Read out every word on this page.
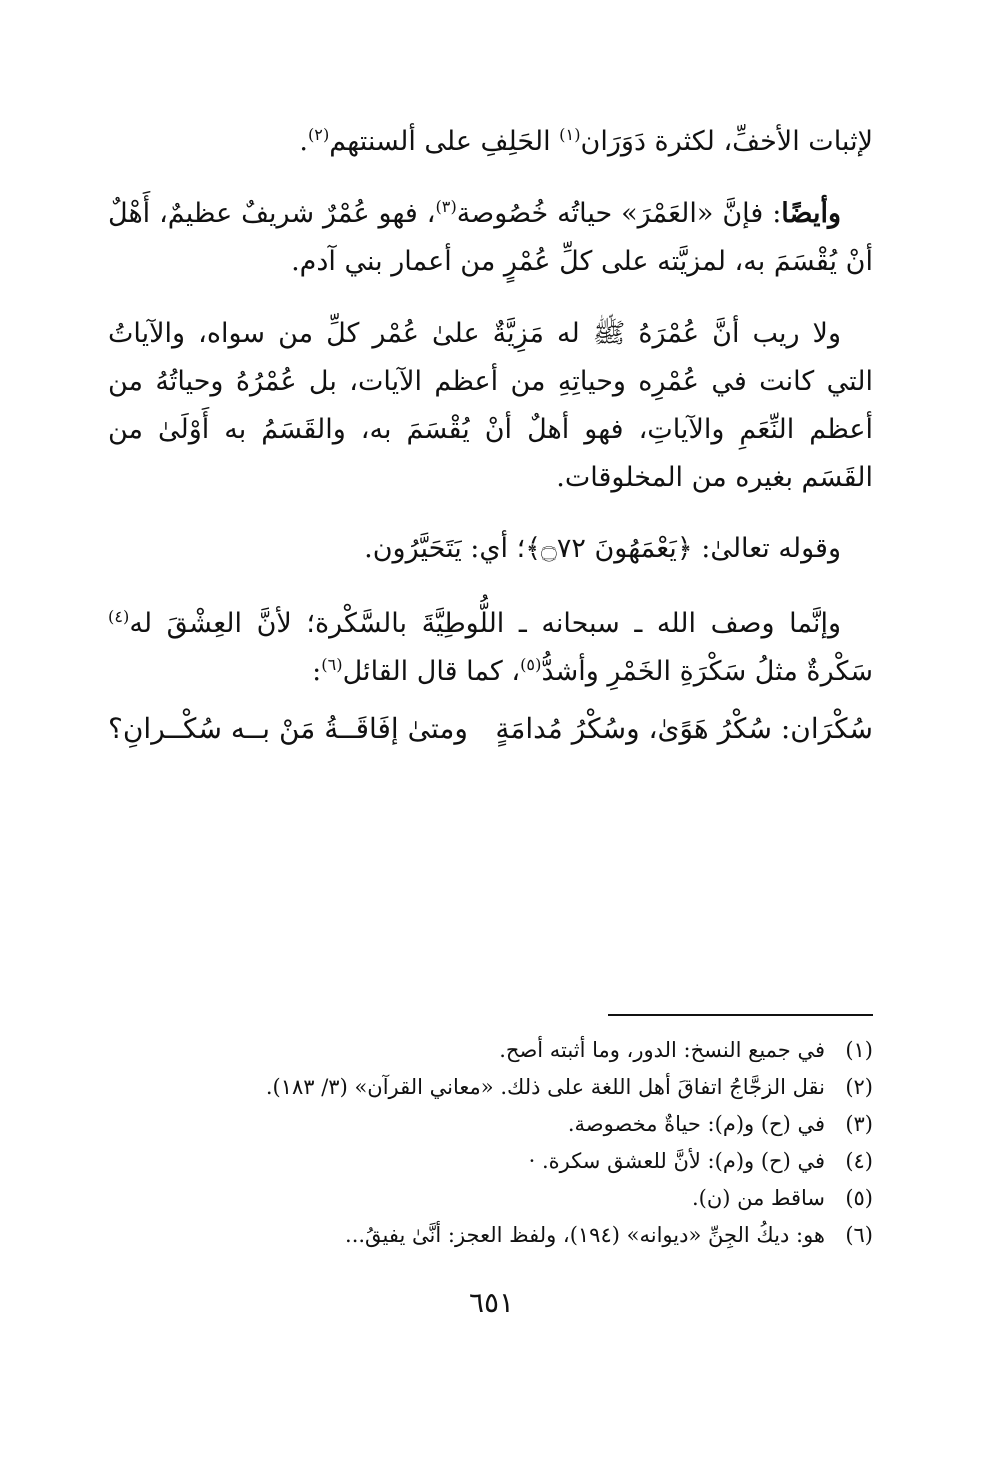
لإثبات الأخفِّ، لكثرة دَوَرَان$^{(١)}$ الحَلِفِ على ألسنتهم$^{(٢)}$.

وأيضًا: فإنَّ «العَمْرَ» حياتُه خُصُوصة$^{(٣)}$، فهو عُمْرٌ شريفٌ عظيمٌ، أَهْلٌ أنْ يُقْسَمَ به، لمزيَّته على كلِّ عُمْرٍ من أعمار بني آدم.

ولا ريب أنَّ عُمْرَهُ ﷺ له مَزِيَّةٌ علىٰ عُمْر كلِّ من سواه، والآياتُ التي كانت في عُمْرِه وحياتِهِ من أعظم الآيات، بل عُمْرُهُ وحياتُهُ من أعظم النِّعَمِ والآياتِ، فهو أهلٌ أنْ يُقْسَمَ به، والقَسَمُ به أَوْلَىٰ من القَسَم بغيره من المخلوقات.

وقوله تعالىٰ: ﴿يَعْمَهُونَ ۝٧٢﴾؛ أي: يَتَحَيَّرُون.

وإنَّما وصف الله ـ سبحانه ـ اللُّوطِيَّةَ بالسَّكْرة؛ لأنَّ العِشْقَ له$^{(٤)}$ سَكْرةٌ مثلُ سَكْرَةِ الخَمْرِ وأشدُّ$^{(٥)}$، كما قال القائل$^{(٦)}$:

سُكْرَان: سُكْرُ هَوًىٰ، وسُكْرُ مُدامَةٍ
ومتىٰ إفَاقَــةُ مَنْ بــه سُكْــرانِ؟
(١)
في جميع النسخ: الدور، وما أثبته أصح.
(٢)
نقل الزجَّاجُ اتفاقَ أهل اللغة على ذلك. «معاني القرآن» (٣/ ١٨٣).
(٣)
في (ح) و(م): حياةٌ مخصوصة.
(٤)
في (ح) و(م): لأنَّ للعشق سكرة. ·
(٥)
ساقط من (ن).
(٦)
هو: ديكُ الجِنِّ «ديوانه» (١٩٤)، ولفظ العجز: أنَّىٰ يفيقُ...
٦٥١
